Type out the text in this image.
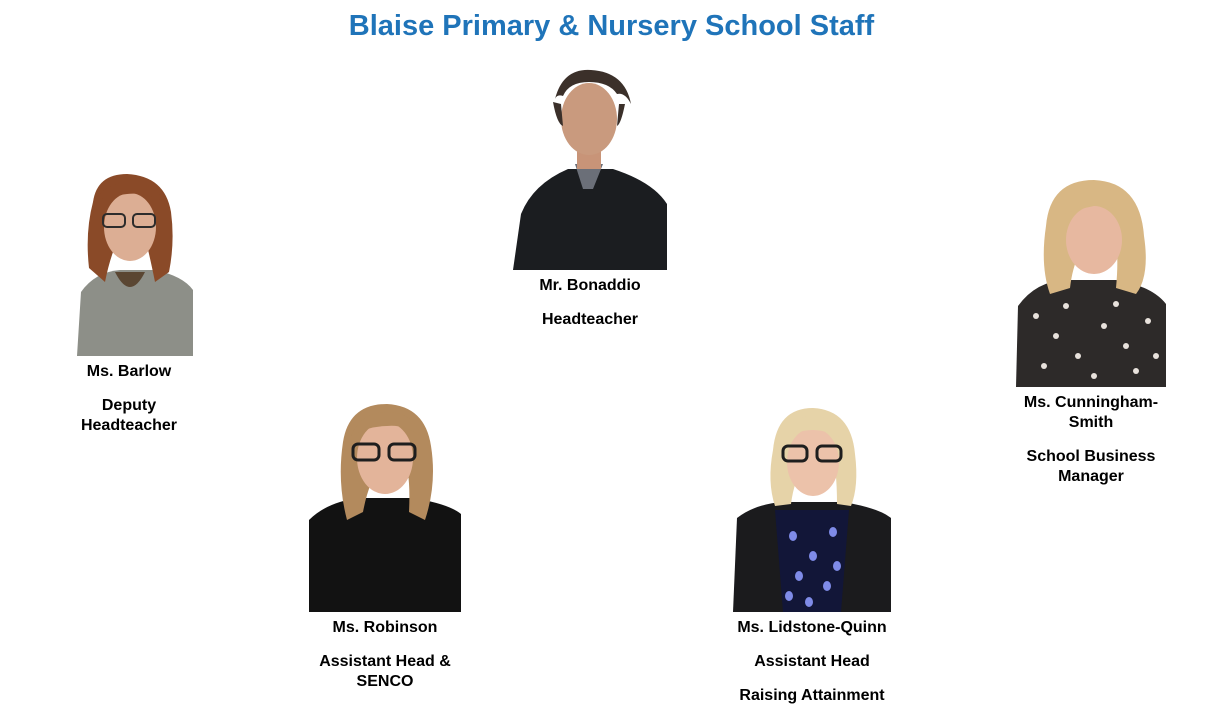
Blaise Primary & Nursery School Staff
Mr. Bonaddio
Headteacher
Ms. Barlow
Deputy Headteacher
Ms. Cunningham-Smith
School Business Manager
Ms. Robinson
Assistant Head & SENCO
Ms. Lidstone-Quinn
Assistant Head
Raising Attainment
